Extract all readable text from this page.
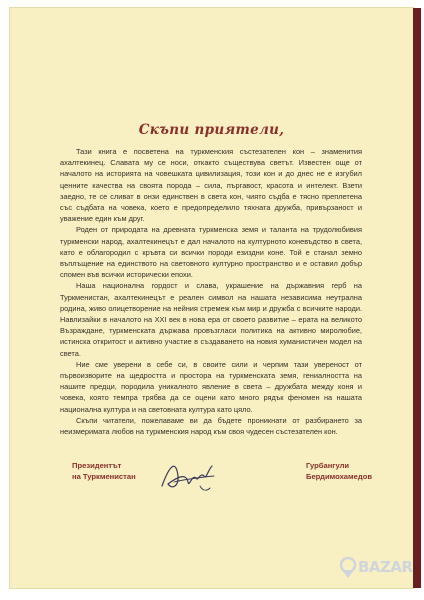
Скъпи приятели,

Тази книга е посветена на туркменския състезателен кон – знаменития ахалтекинец. Славата му се носи, откакто съществува светът. Известен още от началото на историята на човешката цивилизация, този кон и до днес не е изгубил ценните качества на своята порода – сила, пъргавост, красота и интелект. Взети заедно, те се сливат в онзи единствен в света кон, чиято съдба е тясно преплетена със съдбата на човека, което е предопределило тяхната дружба, привързаност и уважение един към друг.

Роден от природата на древната туркменска земя и таланта на трудолюбивия туркменски народ, ахалтекинецът е дал началото на културното коневъдство в света, като е облагородил с кръвта си всички породи езиздни коне. Той е станал земно въплъщение на единството на световното културно пространство и е оставил добър спомен във всички исторически епохи.

Наша национална гордост и слава, украшение на държавния герб на Туркменистан, ахалтекинецът е реален символ на нашата независима неутрална родина, живо олицетворение на нейния стремеж към мир и дружба с всичките народи. Навлизайки в началото на XXI век в нова ера от своето развитие – ерата на великото Възраждане, туркменската държава провъзгласи политика на активно миролюбие, истинска откритост и активно участие в създаването на новия хуманистичен модел на света.

Ние сме уверени в себе си, в своите сили и черпим тази увереност от първоизворите на щедростта и простора на туркменската земя, гениалността на нашите предци, породила уникалното явление в света – дружбата между коня и човека, която темпра трябва да се оцени като много рядък феномен на нашата национална култура и на световната култура като цяло.

Скъпи читатели, пожелаваме ви да бъдете проникнати от разбирането за неизмеримата любов на туркменския народ към своя чудесен състезателен кон.

Президентът
на Туркменистан
Гурбангули
Бердимохамедов
BAZAR
